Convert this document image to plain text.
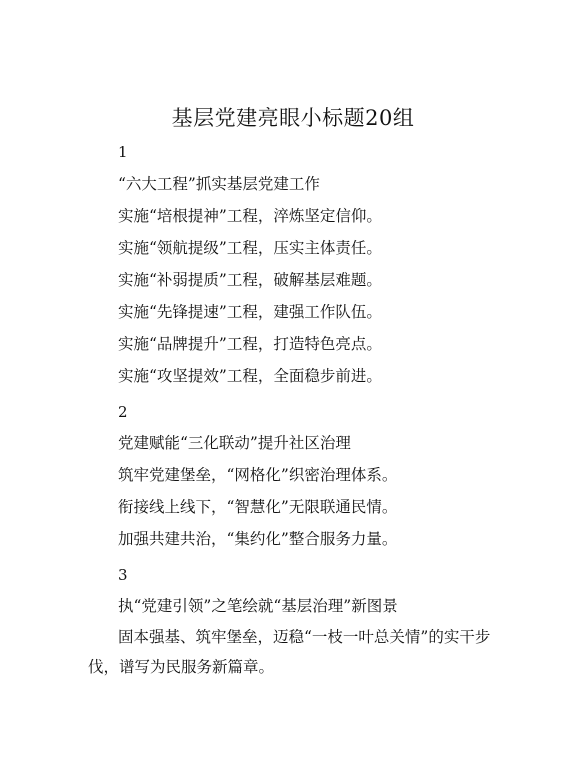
基层党建亮眼小标题20组
1
“六大工程”抓实基层党建工作
实施“培根提神”工程，淬炼坚定信仰。
实施“领航提级”工程，压实主体责任。
实施“补弱提质”工程，破解基层难题。
实施“先锋提速”工程，建强工作队伍。
实施“品牌提升”工程，打造特色亮点。
实施“攻坚提效”工程，全面稳步前进。
2
党建赋能“三化联动”提升社区治理
筑牢党建堡垒，“网格化”织密治理体系。
衔接线上线下，“智慧化”无限联通民情。
加强共建共治，“集约化”整合服务力量。
3
执“党建引领”之笔绘就“基层治理”新图景
固本强基、筑牢堡垒，迈稳“一枝一叶总关情”的实干步伐，谱写为民服务新篇章。
